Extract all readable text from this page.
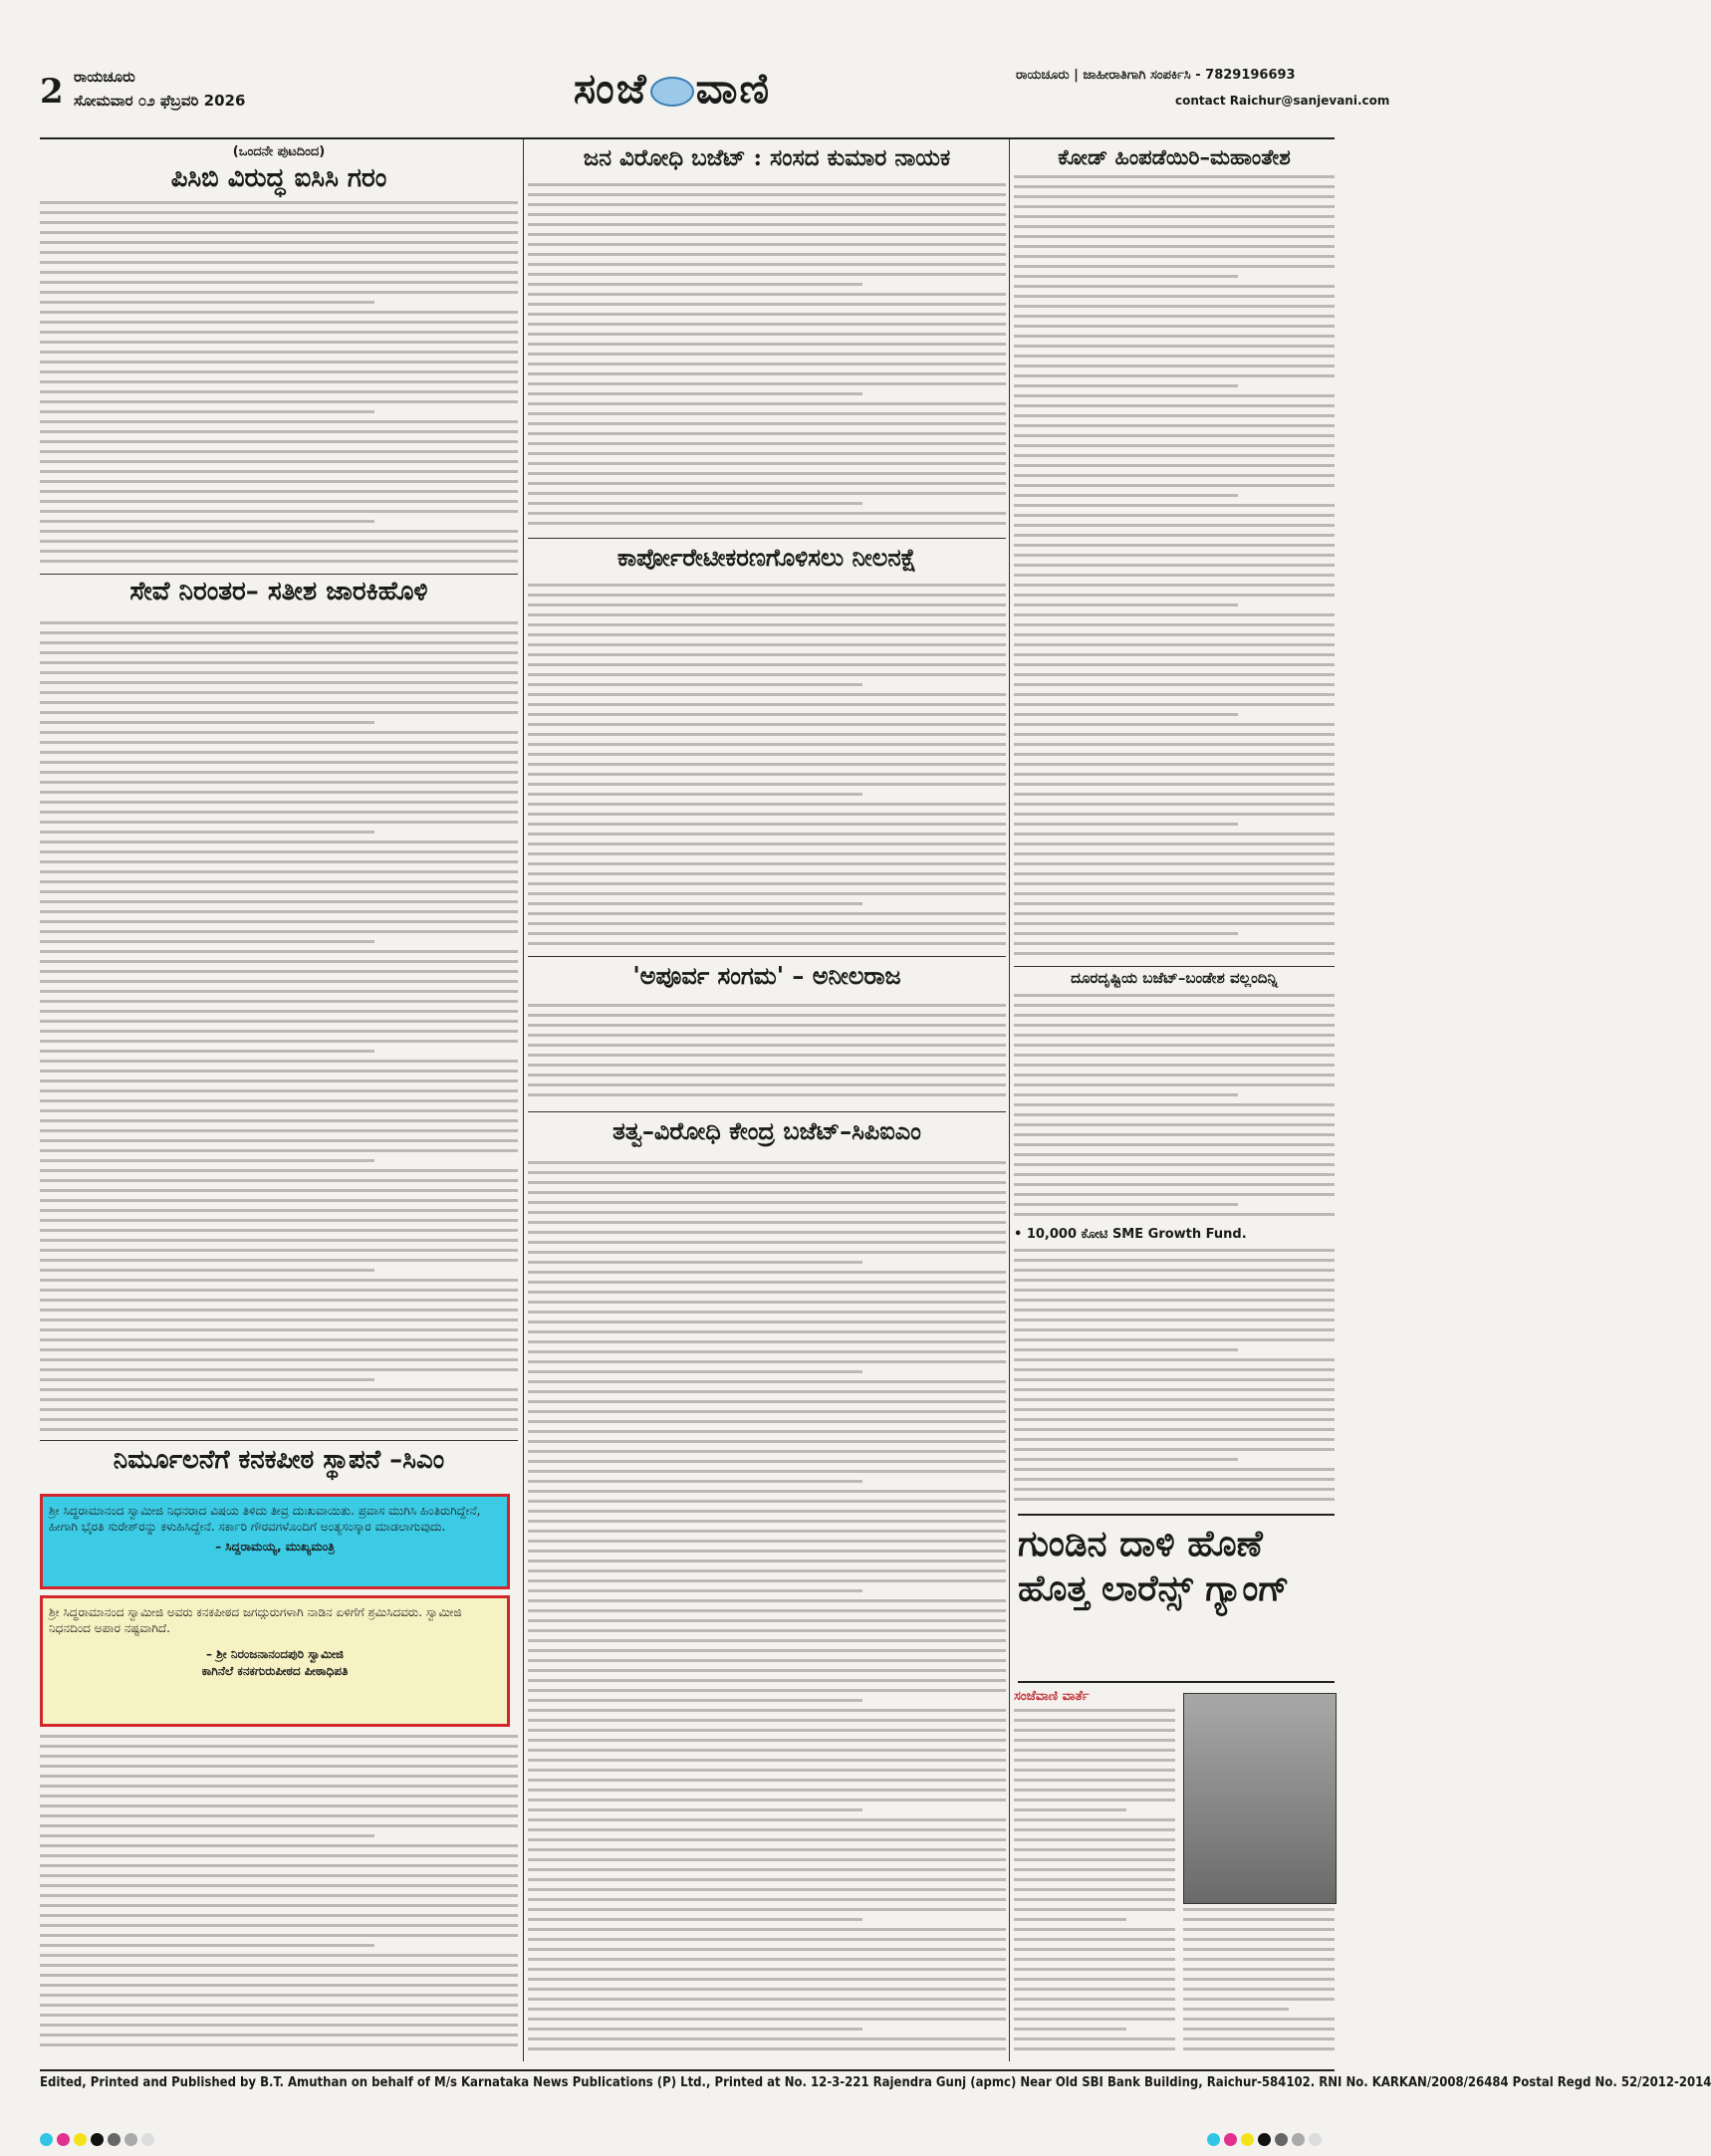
2 ರಾಯಚೂರು
ಸೋಮವಾರ ೦೨ ಫೆಬ್ರವರಿ 2026	ಸಂಜೆ ವಾಣಿ	ರಾಯಚೂರು | ಜಾಹೀರಾತಿಗಾಗಿ ಸಂಪರ್ಕಿಸಿ - 7829196693
contact Raichur@sanjevani.com
(ಒಂದನೇ ಪುಟದಿಂದ)
ಪಿಸಿಬಿ ವಿರುದ್ಧ ಐಸಿಸಿ ಗರಂ
ಸೇವೆ ನಿರಂತರ– ಸತೀಶ ಜಾರಕಿಹೊಳಿ
ನಿರ್ಮೂಲನೆಗೆ ಕನಕಪೀಠ ಸ್ಥಾಪನೆ –ಸಿಎಂ
ಶ್ರೀ ಸಿದ್ಧರಾಮಾನಂದ ಸ್ವಾಮೀಜಿ ನಿಧನರಾದ ವಿಷಯ ತಿಳಿದು ತೀವ್ರ ದುಃಖವಾಯಿತು. ಪ್ರವಾಸ ಮುಗಿಸಿ ಹಿಂತಿರುಗಿದ್ದೇನೆ, ಹೀಗಾಗಿ ಭೈರತಿ ಸುರೇಶ್‌ರನ್ನು ಕಳುಹಿಸಿದ್ದೇನೆ. ಸರ್ಕಾರಿ ಗೌರವಗಳೊಂದಿಗೆ ಅಂತ್ಯಸಂಸ್ಕಾರ ಮಾಡಲಾಗುವುದು.
– ಸಿದ್ದರಾಮಯ್ಯ, ಮುಖ್ಯಮಂತ್ರಿ
ಶ್ರೀ ಸಿದ್ಧರಾಮಾನಂದ ಸ್ವಾಮೀಜಿ ಅವರು ಕನಕಪೀಠದ ಜಗದ್ಗುರುಗಳಾಗಿ ನಾಡಿನ ಏಳಿಗೆಗೆ ಶ್ರಮಿಸಿದವರು. ಸ್ವಾಮೀಜಿ ನಿಧನದಿಂದ ಅಪಾರ ನಷ್ಟವಾಗಿದೆ.
– ಶ್ರೀ ನಿರಂಜನಾನಂದಪುರಿ ಸ್ವಾಮೀಜಿ
ಕಾಗಿನೆಲೆ ಕನಕಗುರುಪೀಠದ ಪೀಠಾಧಿಪತಿ
ಜನ ವಿರೋಧಿ ಬಜೆಟ್ : ಸಂಸದ ಕುಮಾರ ನಾಯಕ
ಕಾರ್ಪೋರೇಟೀಕರಣಗೊಳಿಸಲು ನೀಲನಕ್ಷೆ
'ಅಪೂರ್ವ ಸಂಗಮ' – ಅನೀಲರಾಜ
ತತ್ವ–ವಿರೋಧಿ ಕೇಂದ್ರ ಬಜೆಟ್–ಸಿಪಿಐಎಂ
ಕೋಡ್‌ ಹಿಂಪಡೆಯಿರಿ–ಮಹಾಂತೇಶ
ದೂರದೃಷ್ಟಿಯ ಬಜೆಟ್–ಬಂಡೇಶ ವಲ್ಲಂದಿನ್ನಿ
• 10,000 ಕೋಟಿ SME Growth Fund.
ಗುಂಡಿನ ದಾಳಿ ಹೊಣೆ ಹೊತ್ತ ಲಾರೆನ್ಸ್ ಗ್ಯಾಂಗ್
ಸಂಜೆವಾಣಿ ವಾರ್ತೆ
Edited, Printed and Published by B.T. Amuthan on behalf of M/s Karnataka News Publications (P) Ltd., Printed at No. 12-3-221 Rajendra Gunj (apmc) Near Old SBI Bank Building, Raichur-584102. RNI No. KARKAN/2008/26484 Postal Regd No. 52/2012-2014
